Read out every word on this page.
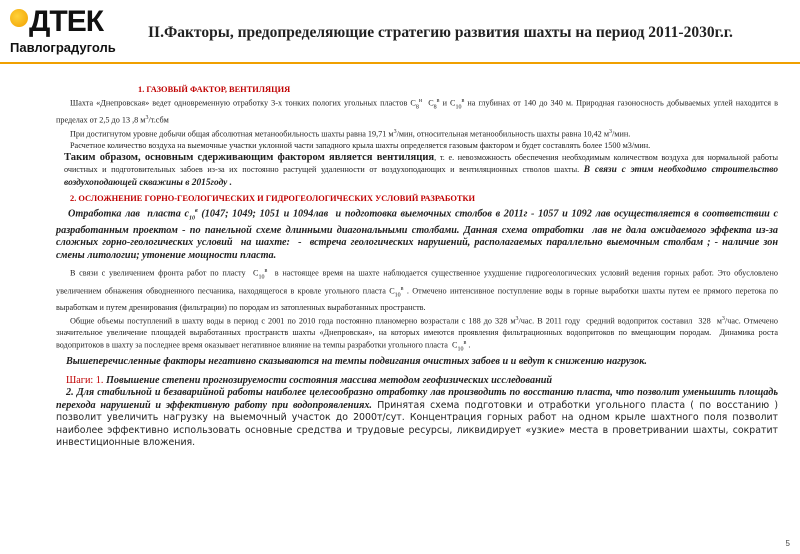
ДТЕК
Павлоградуголь
II.Факторы, предопределяющие стратегию развития шахты на период 2011-2030г.г.
1. ГАЗОВЫЙ ФАКТОР, ВЕНТИЛЯЦИЯ

Шахта «Днепровская» ведет одновременную отработку 3-х тонких пологих угольных пластов $С_8^н$  $С_8^в$ и $С_{10}^в$ на глубинах от 140 до 340 м. Природная газоносность добываемых углей находится в пределах от 2,5 до 13 ,8 $м^3/т.сбм$

При достигнутом уровне добычи общая абсолютная метанообильность шахты равна 19,71 $м^3$/мин, относительная метанообильность шахты равна 10,42 $м^3$/мин.

Расчетное количество воздуха на выемочные участки уклонной части западного крыла шахты определяется газовым фактором и будет составлять более 1500 м3/мин.

Таким образом, основным сдерживающим фактором является вентиляция, т. е. невозможность обеспечения необходимым количеством воздуха для нормальной работы очистных и подготовительных забоев из-за их постоянно растущей удаленности от воздухоподающих и вентиляционных стволов шахты. В связи с этим необходимо строительство воздухоподающей скважины в 2015году .

2. ОСЛОЖНЕНИЕ ГОРНО-ГЕОЛОГИЧЕСКИХ И ГИДРОГЕОЛОГИЧЕСКИХ УСЛОВИЙ РАЗРАБОТКИ

Отработка лав  пласта $с_{10}^в$ (1047; 1049; 1051 и 1094лав  и подготовка выемочных столбов в 2011г - 1057 и 1092 лав осуществляется в соответствии с разработанным проектом - по панельной схеме длинными диагональными столбами. Данная схема отработки  лав не дала ожидаемого эффекта из-за сложных горно-геологических условий  на шахте:  -  встреча геологических нарушений, располагаемых параллельно выемочным столбам ; - наличие зон смены литологии; утонение мощности пласта.

В связи с увеличением фронта работ по пласту  $С_{10}^в$  в настоящее время на шахте наблюдается существенное ухудшение гидрогеологических условий ведения горных работ. Это обусловлено увеличением обнажения обводненного песчаника, находящегося в кровле угольного пласта $С_{10}^в$ . Отмечено интенсивное поступление воды в горные выработки шахты путем ее прямого перетока по выработкам и путем дренирования (фильтрации) по породам из затопленных выработанных пространств.

Общие объемы поступлений в шахту воды в период с 2001 по 2010 года постоянно планомерно возрастали с 188 до 328 $м^3$/час. В 2011 году  средний водоприток составил  328  $м^3$/час. Отмечено значительное увеличение площадей выработанных пространств шахты «Днепровская», на которых имеются проявления фильтрационных водопритоков по вмещающим породам.  Динамика роста водопритоков в шахту за последнее время оказывает негативное влияние на темпы разработки угольного пласта  $С_{10}^в$ .

Вышеперечисленные факторы негативно сказываются на темпы подвигания очистных забоев и и ведут к снижению нагрузок.

Шаги: 1. Повышение степени прогнозируемости состояния массива методом геофизических исследований

2. Для стабильной и безаварийной работы наиболее целесообразно отработку лав производить по восстанию пласта, что позволит уменьшить площадь перехода нарушений и эффективную работу при водопроявлениях. Принятая схема подготовки и отработки угольного пласта ( по восстанию ) позволит увеличить нагрузку на выемочный участок до 2000т/сут. Концентрация горных работ на одном крыле шахтного поля позволит наиболее эффективно использовать основные средства и трудовые ресурсы, ликвидирует «узкие» места в проветривании шахты, сократит инвестиционные вложения.

5
